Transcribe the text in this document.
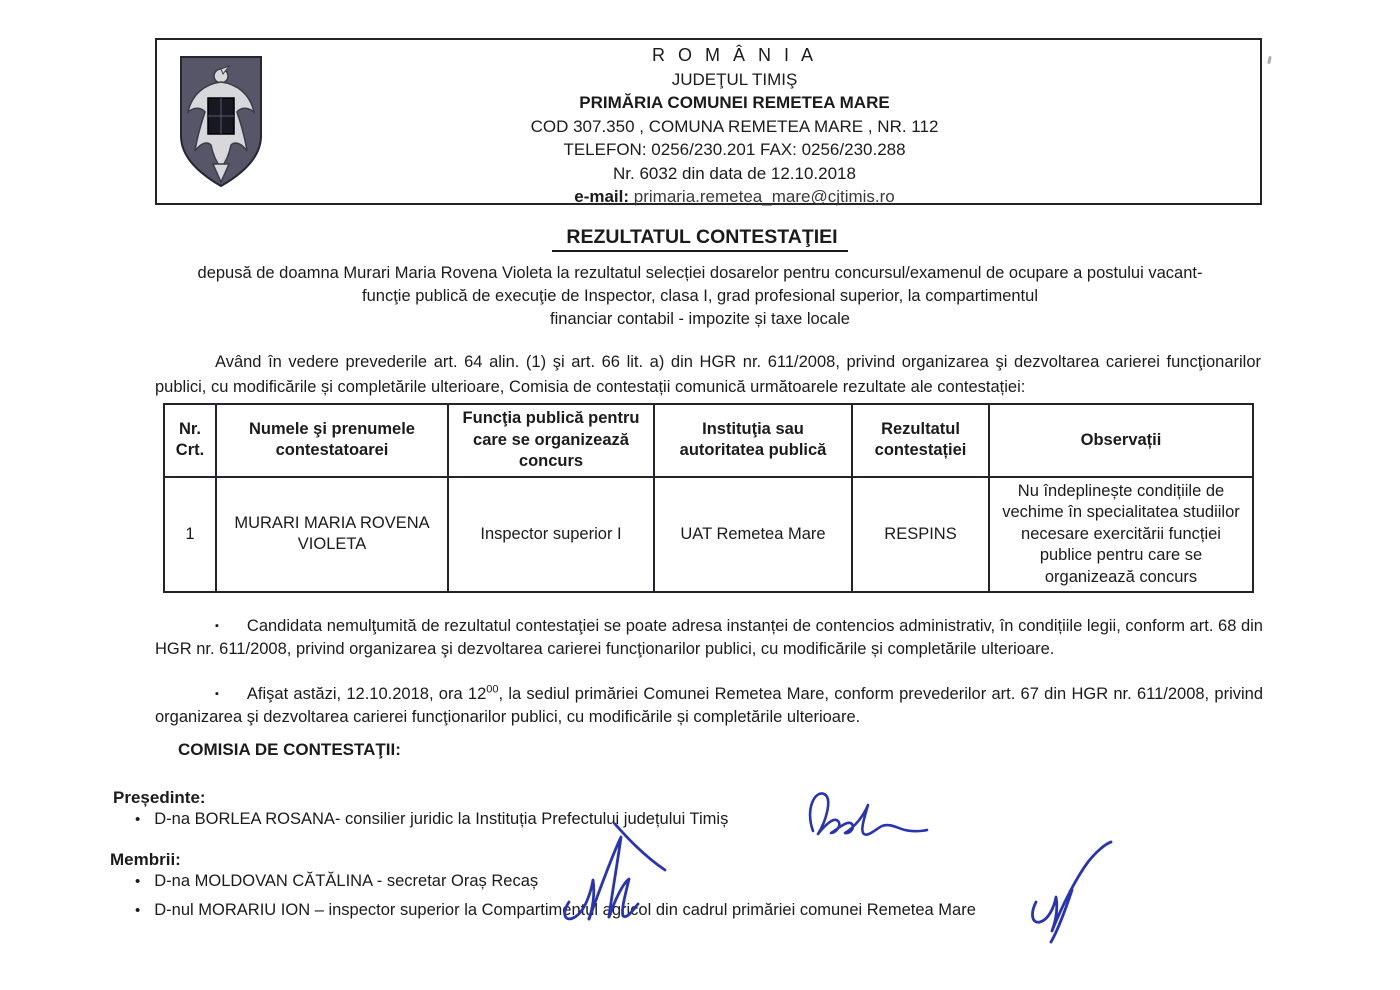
R O M Â N I A
JUDEŢUL TIMIŞ
PRIMĂRIA COMUNEI REMETEA MARE
COD 307.350 , COMUNA REMETEA MARE , NR. 112
TELEFON: 0256/230.201 FAX: 0256/230.288
Nr. 6032 din data de 12.10.2018
e-mail: primaria.remetea_mare@cjtimis.ro
REZULTATUL CONTESTAŢIEI
depusă de doamna Murari Maria Rovena Violeta la rezultatul selecției dosarelor pentru concursul/examenul de ocupare a postului vacant-
funcţie publică de execuţie de Inspector, clasa I, grad profesional superior, la compartimentul
financiar contabil - impozite și taxe locale
Având în vedere prevederile art. 64 alin. (1) şi art. 66 lit. a) din HGR nr. 611/2008, privind organizarea şi dezvoltarea carierei funcţionarilor publici, cu modificările și completările ulterioare, Comisia de contestații comunică următoarele rezultate ale contestației:
Nr. Crt.	Numele şi prenumele contestatoarei	Funcţia publică pentru care se organizează concurs	Instituţia sau autoritatea publică	Rezultatul contestației	Observații
1	MURARI MARIA ROVENA VIOLETA	Inspector superior I	UAT Remetea Mare	RESPINS	Nu îndeplinește condițiile de vechime în specialitatea studiilor necesare exercitării funcției publice pentru care se organizează concurs

▪ Candidata nemulţumită de rezultatul contestaţiei se poate adresa instanței de contencios administrativ, în condițiile legii, conform art. 68 din HGR nr. 611/2008, privind organizarea şi dezvoltarea carierei funcţionarilor publici, cu modificările și completările ulterioare.

▪ Afişat astăzi, 12.10.2018, ora $12^{00}$, la sediul primăriei Comunei Remetea Mare, conform prevederilor art. 67 din HGR nr. 611/2008, privind organizarea şi dezvoltarea carierei funcţionarilor publici, cu modificările și completările ulterioare.

COMISIA DE CONTESTAŢII:
Președinte:
• D-na BORLEA ROSANA- consilier juridic la Instituția Prefectului județului Timiș
Membrii:
• D-na MOLDOVAN CĂTĂLINA - secretar Oraș Recaș
• D-nul MORARIU ION – inspector superior la Compartimentul agricol din cadrul primăriei comunei Remetea Mare
